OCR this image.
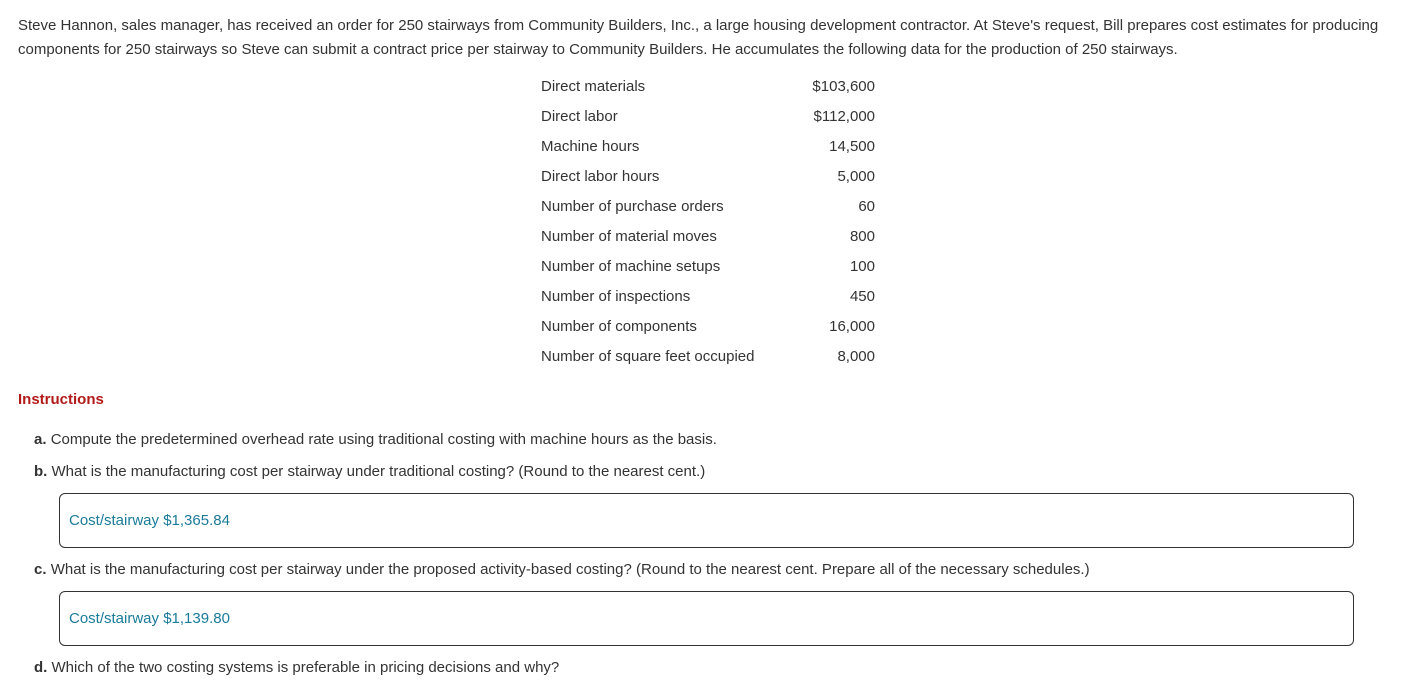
Steve Hannon, sales manager, has received an order for 250 stairways from Community Builders, Inc., a large housing development contractor. At Steve's request, Bill prepares cost estimates for producing components for 250 stairways so Steve can submit a contract price per stairway to Community Builders. He accumulates the following data for the production of 250 stairways.

Direct materials	$103,600
Direct labor	$112,000
Machine hours	14,500
Direct labor hours	5,000
Number of purchase orders	60
Number of material moves	800
Number of machine setups	100
Number of inspections	450
Number of components	16,000
Number of square feet occupied	8,000

Instructions

a. Compute the predetermined overhead rate using traditional costing with machine hours as the basis.

b. What is the manufacturing cost per stairway under traditional costing? (Round to the nearest cent.)

Cost/stairway $1,365.84

c. What is the manufacturing cost per stairway under the proposed activity-based costing? (Round to the nearest cent. Prepare all of the necessary schedules.)

Cost/stairway $1,139.80

d. Which of the two costing systems is preferable in pricing decisions and why?
